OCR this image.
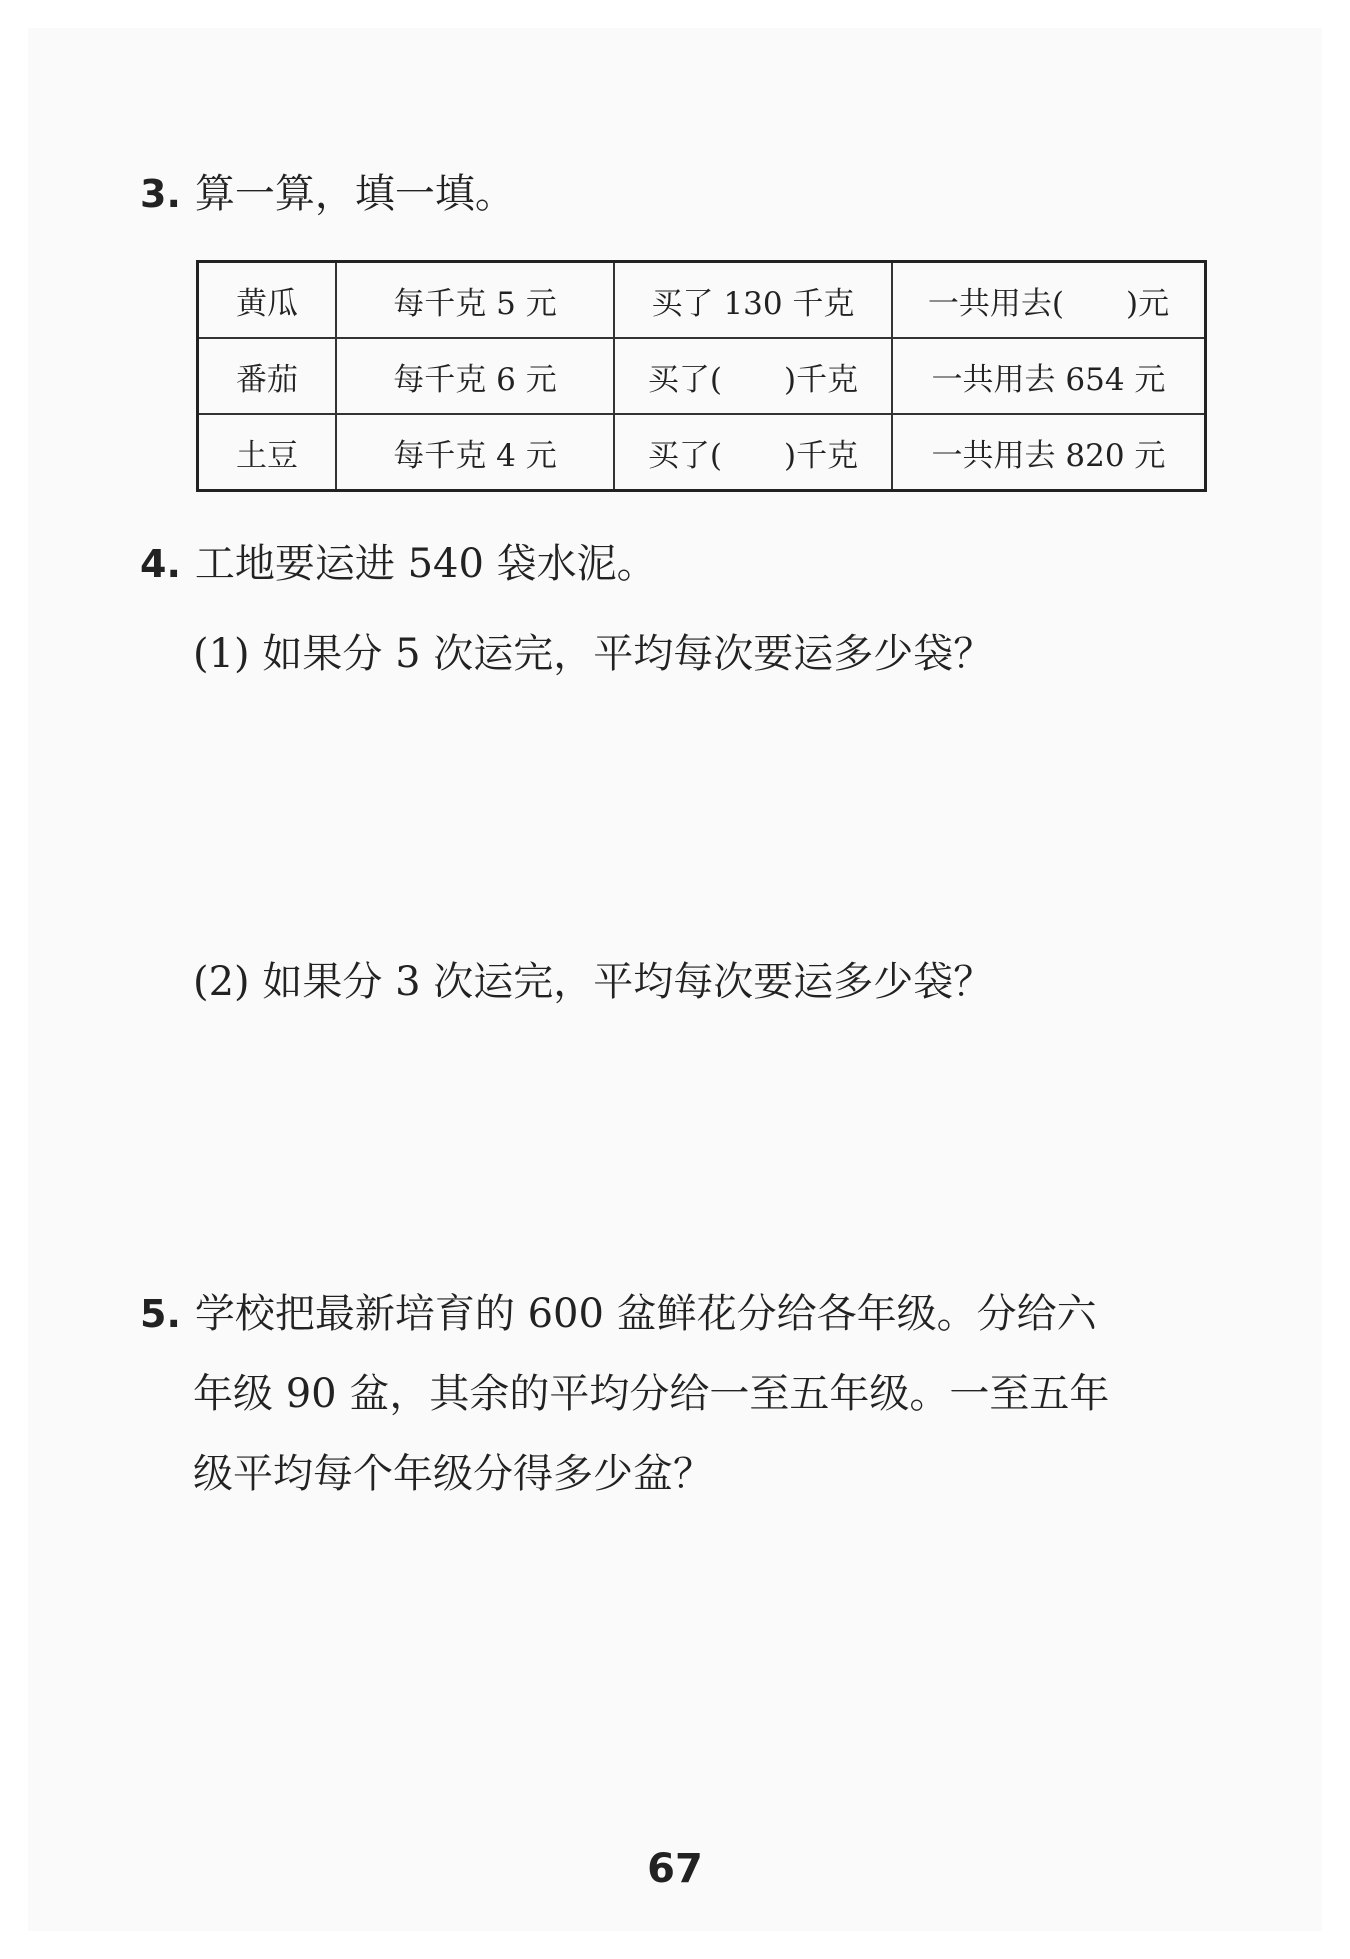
3. 算一算，填一填。
黄瓜	每千克 5 元	买了 130 千克	一共用去(　　)元
番茄	每千克 6 元	买了(　　)千克	一共用去 654 元
土豆	每千克 4 元	买了(　　)千克	一共用去 820 元
4. 工地要运进 540 袋水泥。
(1) 如果分 5 次运完，平均每次要运多少袋？
(2) 如果分 3 次运完，平均每次要运多少袋？
5. 学校把最新培育的 600 盆鲜花分给各年级。分给六
年级 90 盆，其余的平均分给一至五年级。一至五年
级平均每个年级分得多少盆？
67
